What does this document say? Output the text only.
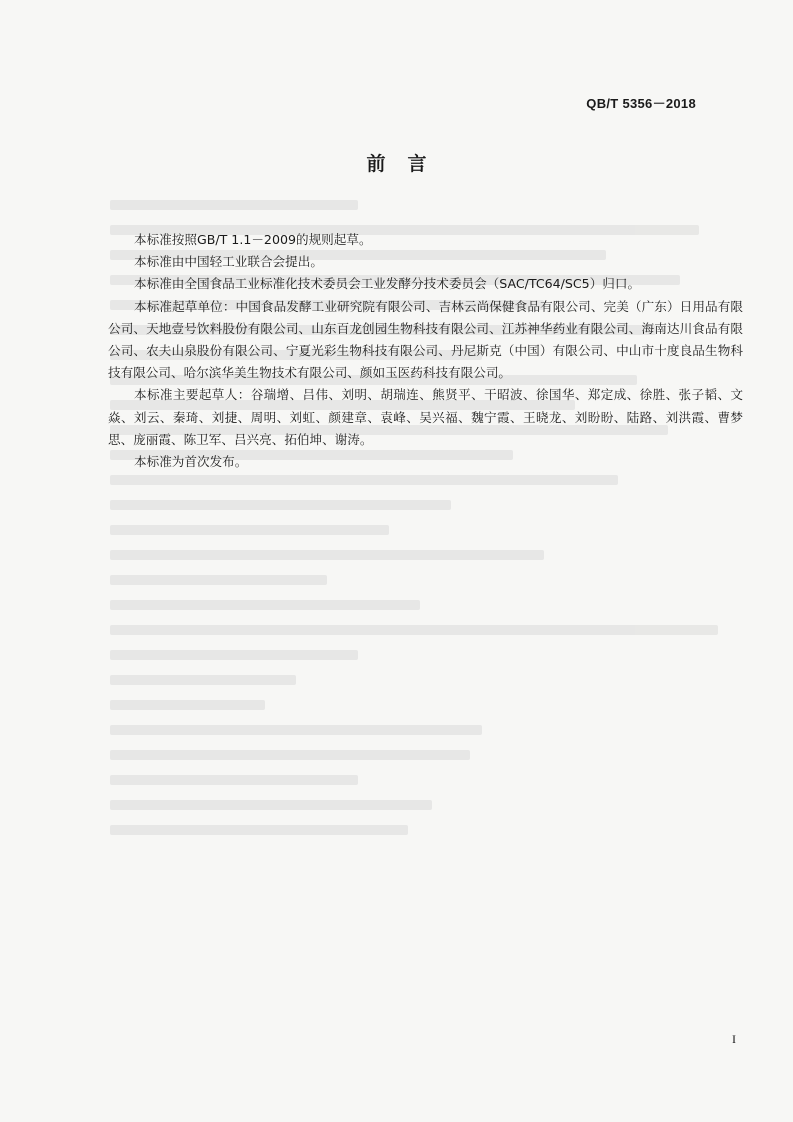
QB/T 5356－2018
前言

本标准按照GB/T 1.1－2009的规则起草。

本标准由中国轻工业联合会提出。

本标准由全国食品工业标准化技术委员会工业发酵分技术委员会（SAC/TC64/SC5）归口。

本标准起草单位：中国食品发酵工业研究院有限公司、吉林云尚保健食品有限公司、完美（广东）日用品有限公司、天地壹号饮料股份有限公司、山东百龙创园生物科技有限公司、江苏神华药业有限公司、海南达川食品有限公司、农夫山泉股份有限公司、宁夏光彩生物科技有限公司、丹尼斯克（中国）有限公司、中山市十度良品生物科技有限公司、哈尔滨华美生物技术有限公司、颜如玉医药科技有限公司。

本标准主要起草人：谷瑞增、吕伟、刘明、胡瑞连、熊贤平、干昭波、徐国华、郑定成、徐胜、张子韬、文焱、刘云、秦琦、刘捷、周明、刘虹、颜建章、袁峰、吴兴福、魏宁霞、王晓龙、刘盼盼、陆路、刘洪霞、曹梦思、庞丽霞、陈卫军、吕兴亮、拓伯坤、谢涛。

本标准为首次发布。

I
